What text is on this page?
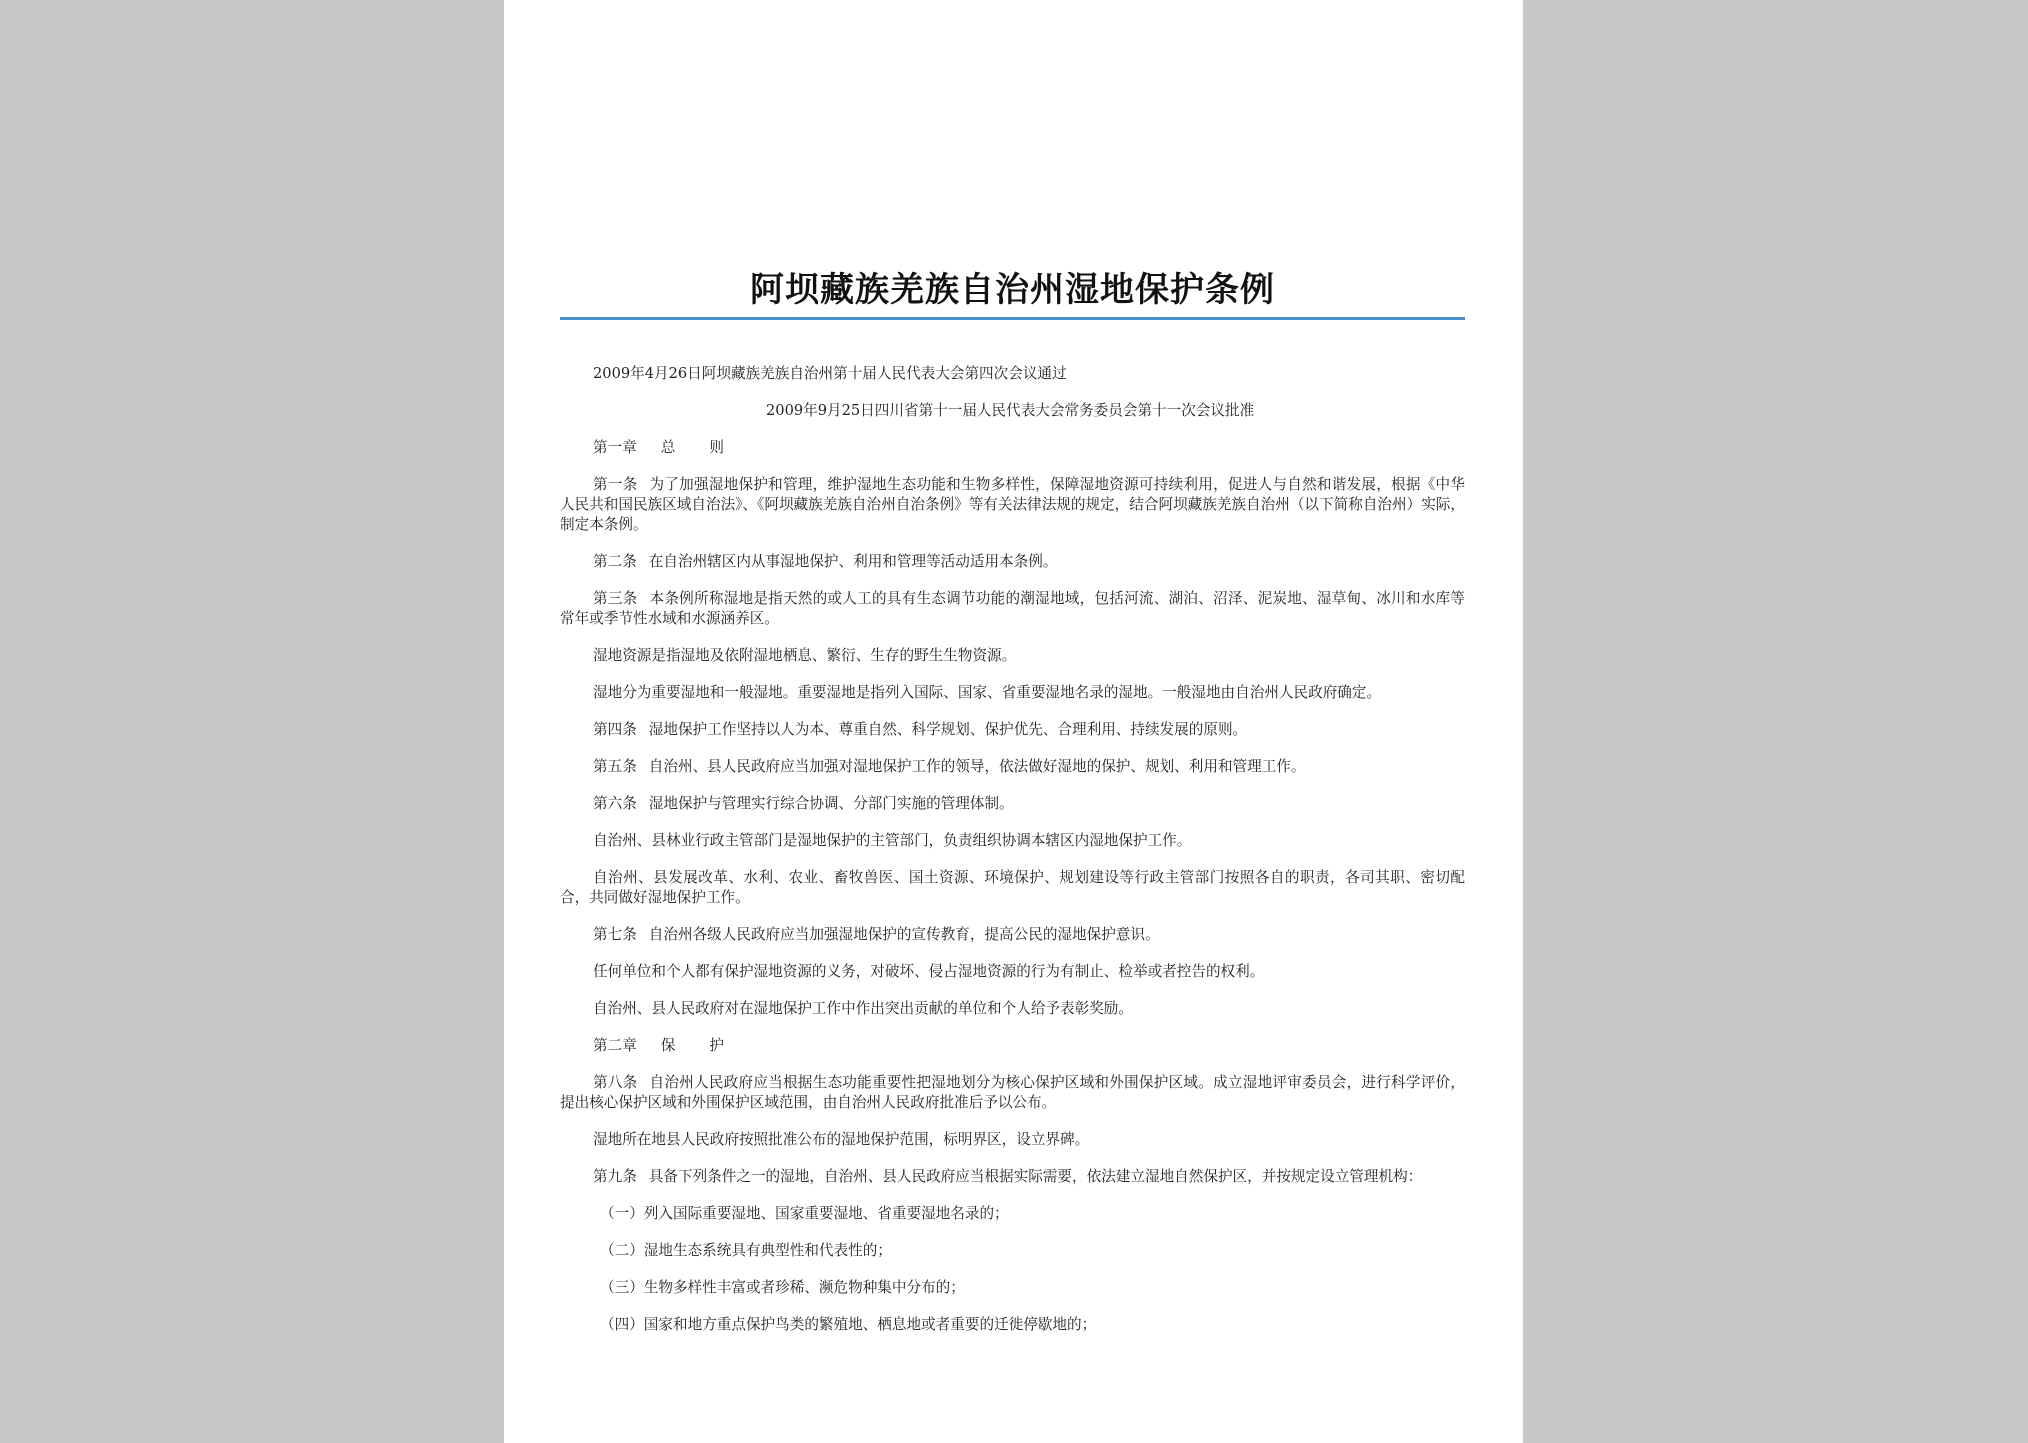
阿坝藏族羌族自治州湿地保护条例

2009年4月26日阿坝藏族羌族自治州第十届人民代表大会第四次会议通过

2009年9月25日四川省第十一届人民代表大会常务委员会第十一次会议批准

第一章 总 则

第一条 为了加强湿地保护和管理，维护湿地生态功能和生物多样性，保障湿地资源可持续利用，促进人与自然和谐发展，根据《中华人民共和国民族区域自治法》、《阿坝藏族羌族自治州自治条例》等有关法律法规的规定，结合阿坝藏族羌族自治州（以下简称自治州）实际，制定本条例。

第二条 在自治州辖区内从事湿地保护、利用和管理等活动适用本条例。

第三条 本条例所称湿地是指天然的或人工的具有生态调节功能的潮湿地域，包括河流、湖泊、沼泽、泥炭地、湿草甸、冰川和水库等常年或季节性水域和水源涵养区。

湿地资源是指湿地及依附湿地栖息、繁衍、生存的野生生物资源。

湿地分为重要湿地和一般湿地。重要湿地是指列入国际、国家、省重要湿地名录的湿地。一般湿地由自治州人民政府确定。

第四条 湿地保护工作坚持以人为本、尊重自然、科学规划、保护优先、合理利用、持续发展的原则。

第五条 自治州、县人民政府应当加强对湿地保护工作的领导，依法做好湿地的保护、规划、利用和管理工作。

第六条 湿地保护与管理实行综合协调、分部门实施的管理体制。

自治州、县林业行政主管部门是湿地保护的主管部门，负责组织协调本辖区内湿地保护工作。

自治州、县发展改革、水利、农业、畜牧兽医、国土资源、环境保护、规划建设等行政主管部门按照各自的职责，各司其职、密切配合，共同做好湿地保护工作。

第七条 自治州各级人民政府应当加强湿地保护的宣传教育，提高公民的湿地保护意识。

任何单位和个人都有保护湿地资源的义务，对破坏、侵占湿地资源的行为有制止、检举或者控告的权利。

自治州、县人民政府对在湿地保护工作中作出突出贡献的单位和个人给予表彰奖励。

第二章 保 护

第八条 自治州人民政府应当根据生态功能重要性把湿地划分为核心保护区域和外围保护区域。成立湿地评审委员会，进行科学评价，提出核心保护区域和外围保护区域范围，由自治州人民政府批准后予以公布。

湿地所在地县人民政府按照批准公布的湿地保护范围，标明界区，设立界碑。

第九条 具备下列条件之一的湿地，自治州、县人民政府应当根据实际需要，依法建立湿地自然保护区，并按规定设立管理机构：

（一）列入国际重要湿地、国家重要湿地、省重要湿地名录的；

（二）湿地生态系统具有典型性和代表性的；

（三）生物多样性丰富或者珍稀、濒危物种集中分布的；

（四）国家和地方重点保护鸟类的繁殖地、栖息地或者重要的迁徙停歇地的；
